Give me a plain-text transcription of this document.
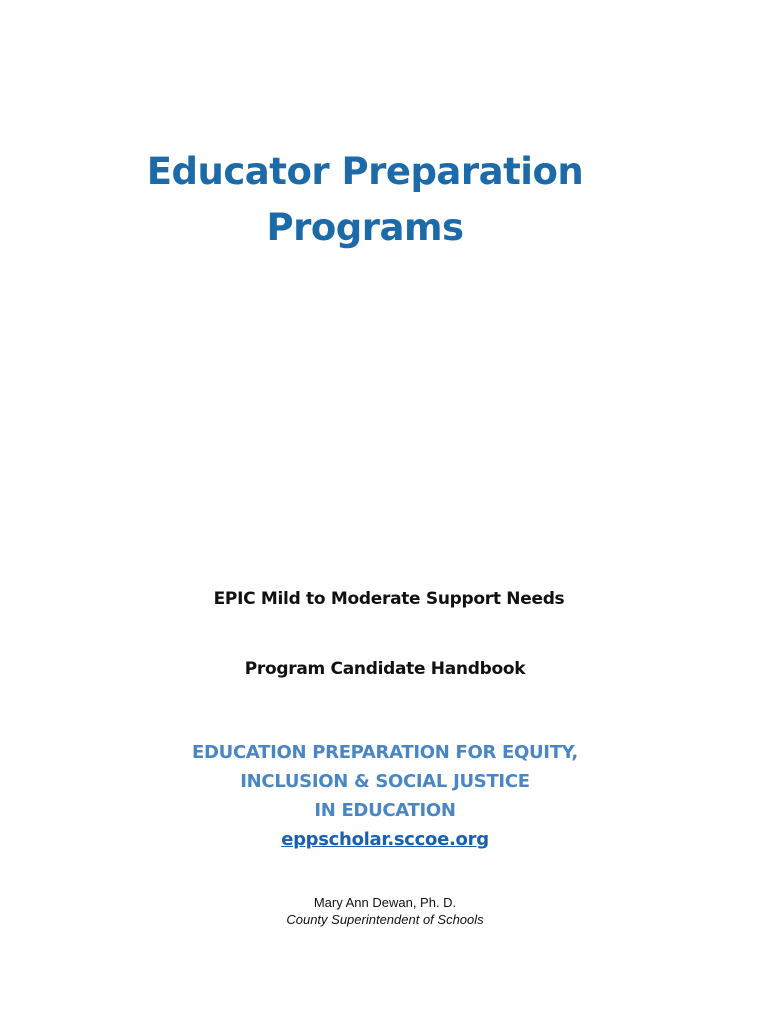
Educator Preparation
Programs
EPIC Mild to Moderate Support Needs
Program Candidate Handbook
EDUCATION PREPARATION FOR EQUITY,
INCLUSION & SOCIAL JUSTICE
IN EDUCATION
eppscholar.sccoe.org
Mary Ann Dewan, Ph. D.
County Superintendent of Schools
